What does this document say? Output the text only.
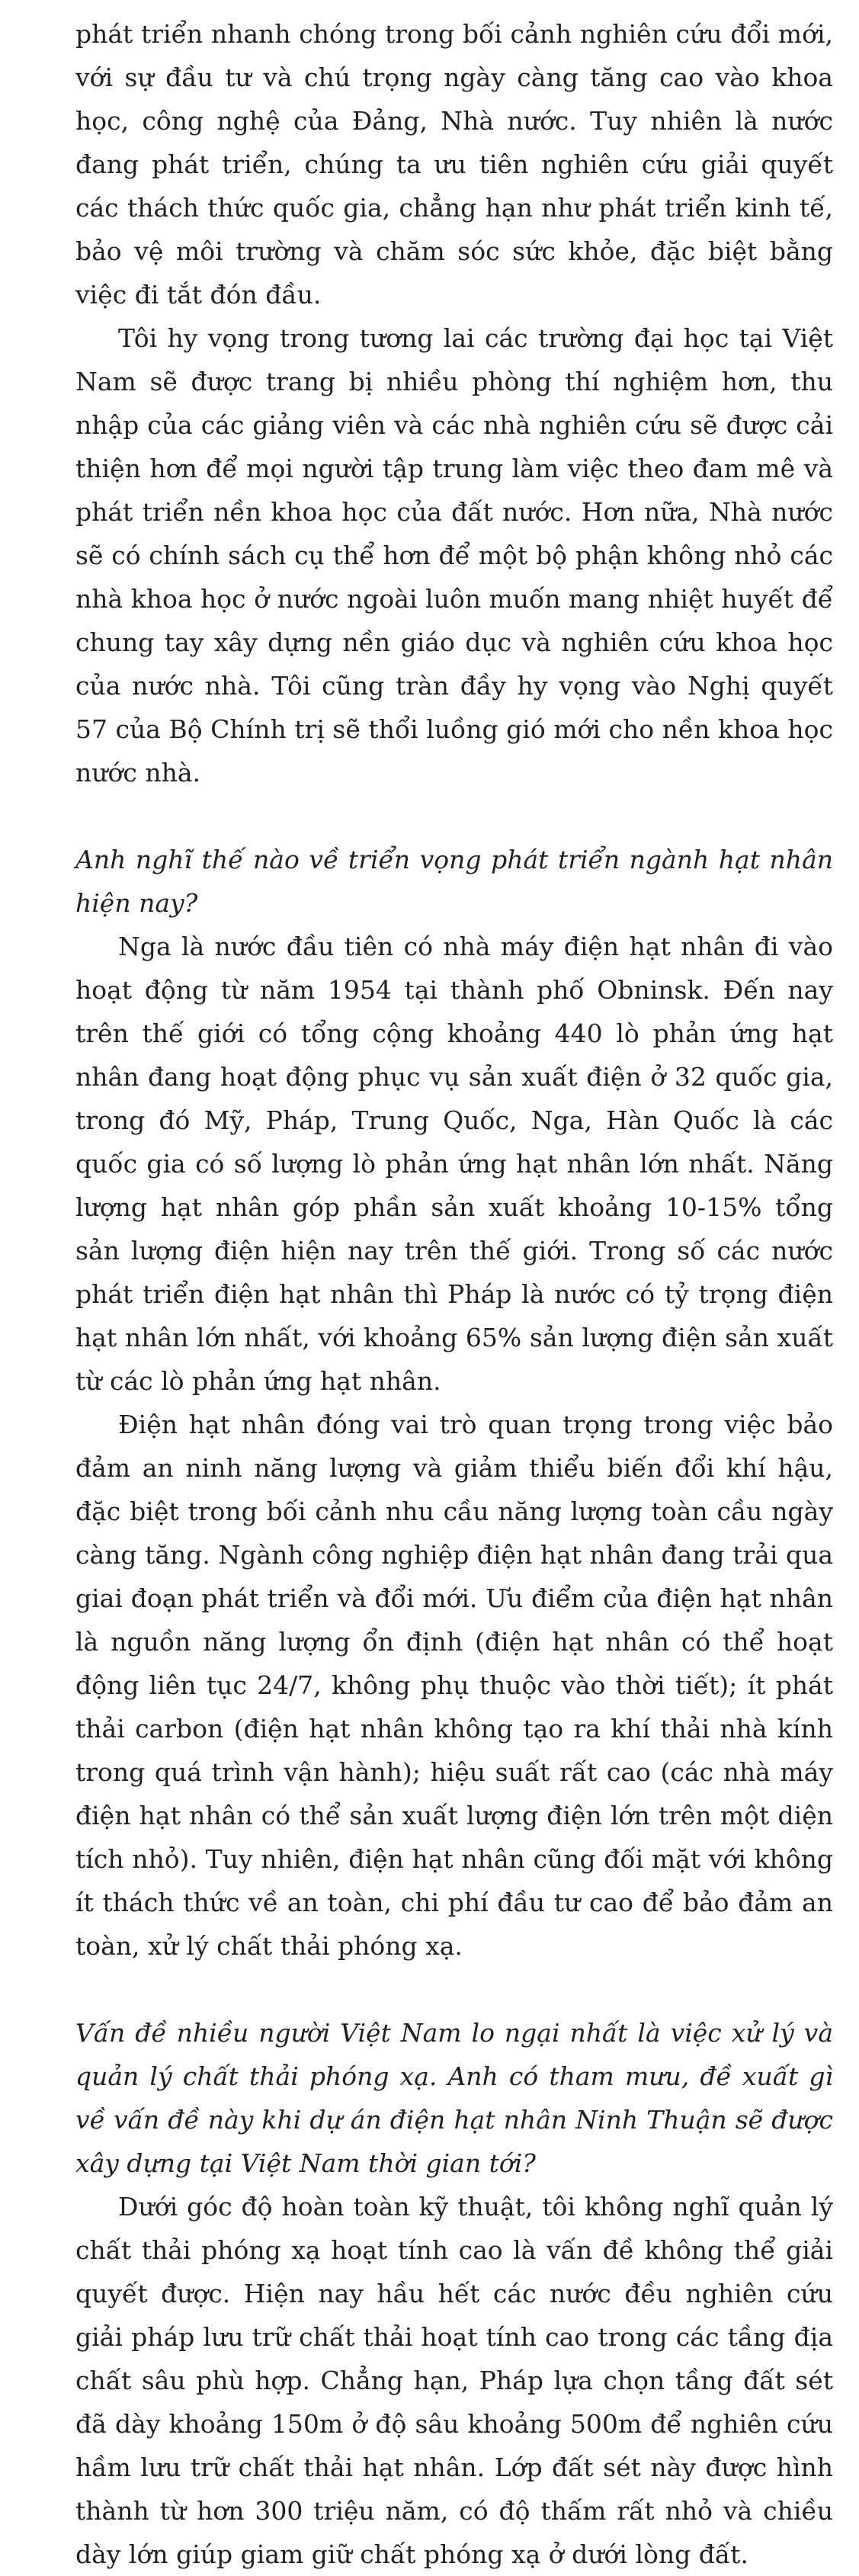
phát triển nhanh chóng trong bối cảnh nghiên cứu đổi mới, với sự đầu tư và chú trọng ngày càng tăng cao vào khoa học, công nghệ của Đảng, Nhà nước. Tuy nhiên là nước đang phát triển, chúng ta ưu tiên nghiên cứu giải quyết các thách thức quốc gia, chẳng hạn như phát triển kinh tế, bảo vệ môi trường và chăm sóc sức khỏe, đặc biệt bằng việc đi tắt đón đầu.

Tôi hy vọng trong tương lai các trường đại học tại Việt Nam sẽ được trang bị nhiều phòng thí nghiệm hơn, thu nhập của các giảng viên và các nhà nghiên cứu sẽ được cải thiện hơn để mọi người tập trung làm việc theo đam mê và phát triển nền khoa học của đất nước. Hơn nữa, Nhà nước sẽ có chính sách cụ thể hơn để một bộ phận không nhỏ các nhà khoa học ở nước ngoài luôn muốn mang nhiệt huyết để chung tay xây dựng nền giáo dục và nghiên cứu khoa học của nước nhà. Tôi cũng tràn đầy hy vọng vào Nghị quyết 57 của Bộ Chính trị sẽ thổi luồng gió mới cho nền khoa học nước nhà.

Anh nghĩ thế nào về triển vọng phát triển ngành hạt nhân hiện nay?

Nga là nước đầu tiên có nhà máy điện hạt nhân đi vào hoạt động từ năm 1954 tại thành phố Obninsk. Đến nay trên thế giới có tổng cộng khoảng 440 lò phản ứng hạt nhân đang hoạt động phục vụ sản xuất điện ở 32 quốc gia, trong đó Mỹ, Pháp, Trung Quốc, Nga, Hàn Quốc là các quốc gia có số lượng lò phản ứng hạt nhân lớn nhất. Năng lượng hạt nhân góp phần sản xuất khoảng 10-15% tổng sản lượng điện hiện nay trên thế giới. Trong số các nước phát triển điện hạt nhân thì Pháp là nước có tỷ trọng điện hạt nhân lớn nhất, với khoảng 65% sản lượng điện sản xuất từ các lò phản ứng hạt nhân.

Điện hạt nhân đóng vai trò quan trọng trong việc bảo đảm an ninh năng lượng và giảm thiểu biến đổi khí hậu, đặc biệt trong bối cảnh nhu cầu năng lượng toàn cầu ngày càng tăng. Ngành công nghiệp điện hạt nhân đang trải qua giai đoạn phát triển và đổi mới. Ưu điểm của điện hạt nhân là nguồn năng lượng ổn định (điện hạt nhân có thể hoạt động liên tục 24/7, không phụ thuộc vào thời tiết); ít phát thải carbon (điện hạt nhân không tạo ra khí thải nhà kính trong quá trình vận hành); hiệu suất rất cao (các nhà máy điện hạt nhân có thể sản xuất lượng điện lớn trên một diện tích nhỏ). Tuy nhiên, điện hạt nhân cũng đối mặt với không ít thách thức về an toàn, chi phí đầu tư cao để bảo đảm an toàn, xử lý chất thải phóng xạ.

Vấn đề nhiều người Việt Nam lo ngại nhất là việc xử lý và quản lý chất thải phóng xạ. Anh có tham mưu, đề xuất gì về vấn đề này khi dự án điện hạt nhân Ninh Thuận sẽ được xây dựng tại Việt Nam thời gian tới?

Dưới góc độ hoàn toàn kỹ thuật, tôi không nghĩ quản lý chất thải phóng xạ hoạt tính cao là vấn đề không thể giải quyết được. Hiện nay hầu hết các nước đều nghiên cứu giải pháp lưu trữ chất thải hoạt tính cao trong các tầng địa chất sâu phù hợp. Chẳng hạn, Pháp lựa chọn tầng đất sét đã dày khoảng 150m ở độ sâu khoảng 500m để nghiên cứu hầm lưu trữ chất thải hạt nhân. Lớp đất sét này được hình thành từ hơn 300 triệu năm, có độ thấm rất nhỏ và chiều dày lớn giúp giam giữ chất phóng xạ ở dưới lòng đất.
